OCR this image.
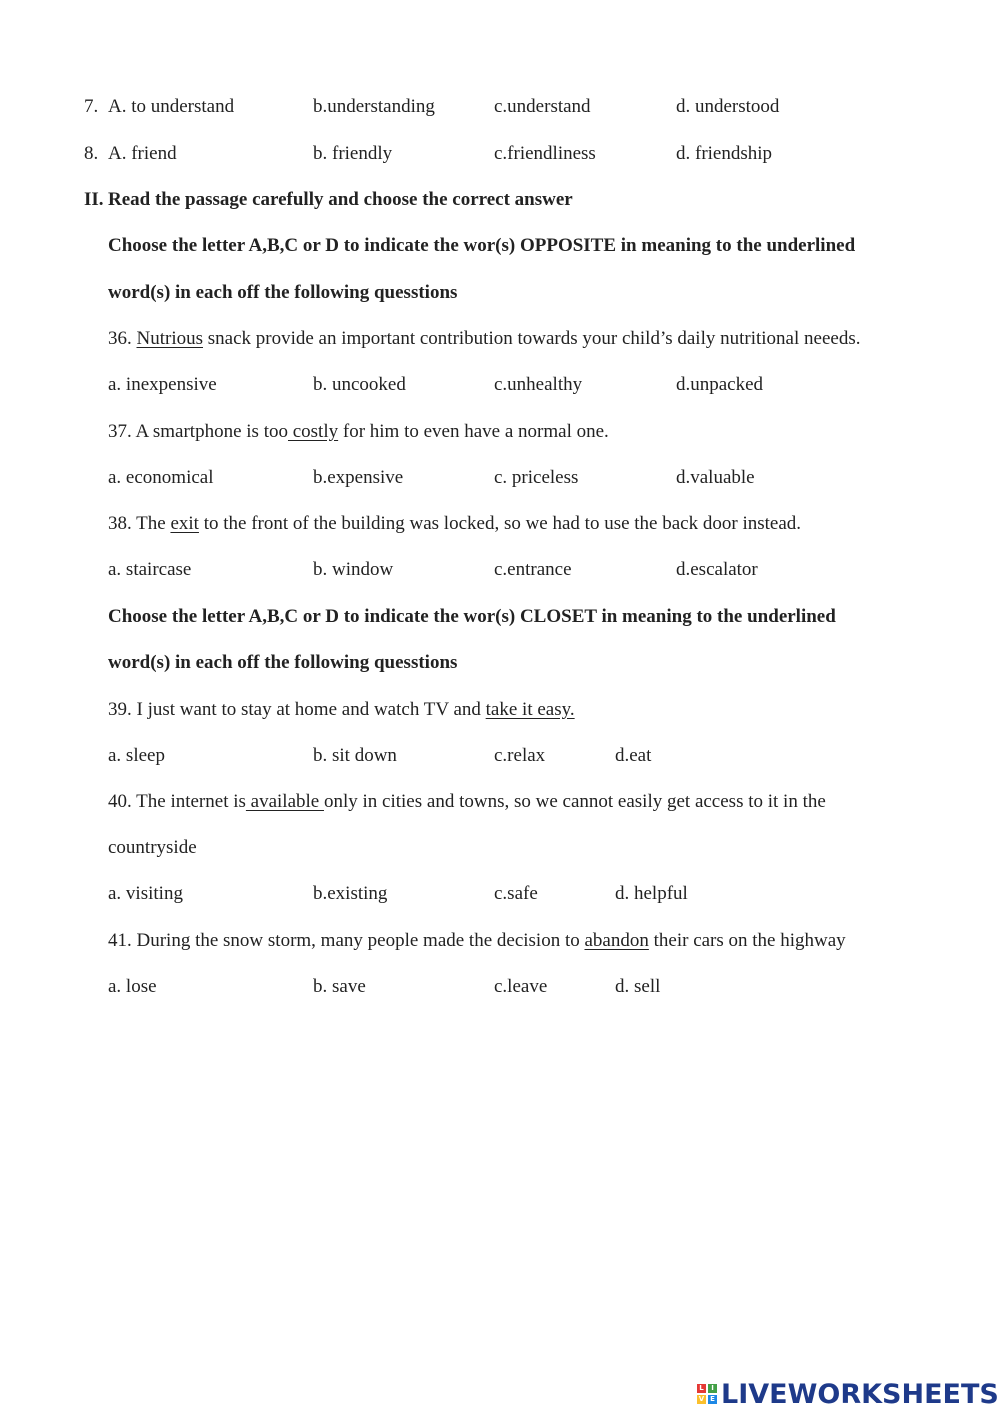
7. A. to understand	b.understanding	c.understand	d. understood
8. A. friend	b. friendly	c.friendliness	d. friendship
II. Read the passage carefully and choose the correct answer
Choose the letter A,B,C or D to indicate the wor(s) OPPOSITE in meaning to the underlined
word(s) in each off the following quesstions
36. Nutrious snack provide an important contribution towards your child’s daily nutritional neeeds.
a. inexpensive	b. uncooked	c.unhealthy	d.unpacked
37. A smartphone is too costly for him to even have a normal one.
a. economical	b.expensive	c. priceless	d.valuable
38. The exit to the front of the building was locked, so we had to use the back door instead.
a. staircase	b. window	c.entrance	d.escalator
Choose the letter A,B,C or D to indicate the wor(s) CLOSET in meaning to the underlined
word(s) in each off the following quesstions
39. I just want to stay at home and watch TV and take it easy.
a. sleep	b. sit down	c.relax	d.eat
40. The internet is available only in cities and towns, so we cannot easily get access to it in the
countryside
a. visiting	b.existing	c.safe	d. helpful
41. During the snow storm, many people made the decision to abandon their cars on the highway
a. lose	b. save	c.leave	d. sell
L	I
V E LIVEWORKSHEETS
